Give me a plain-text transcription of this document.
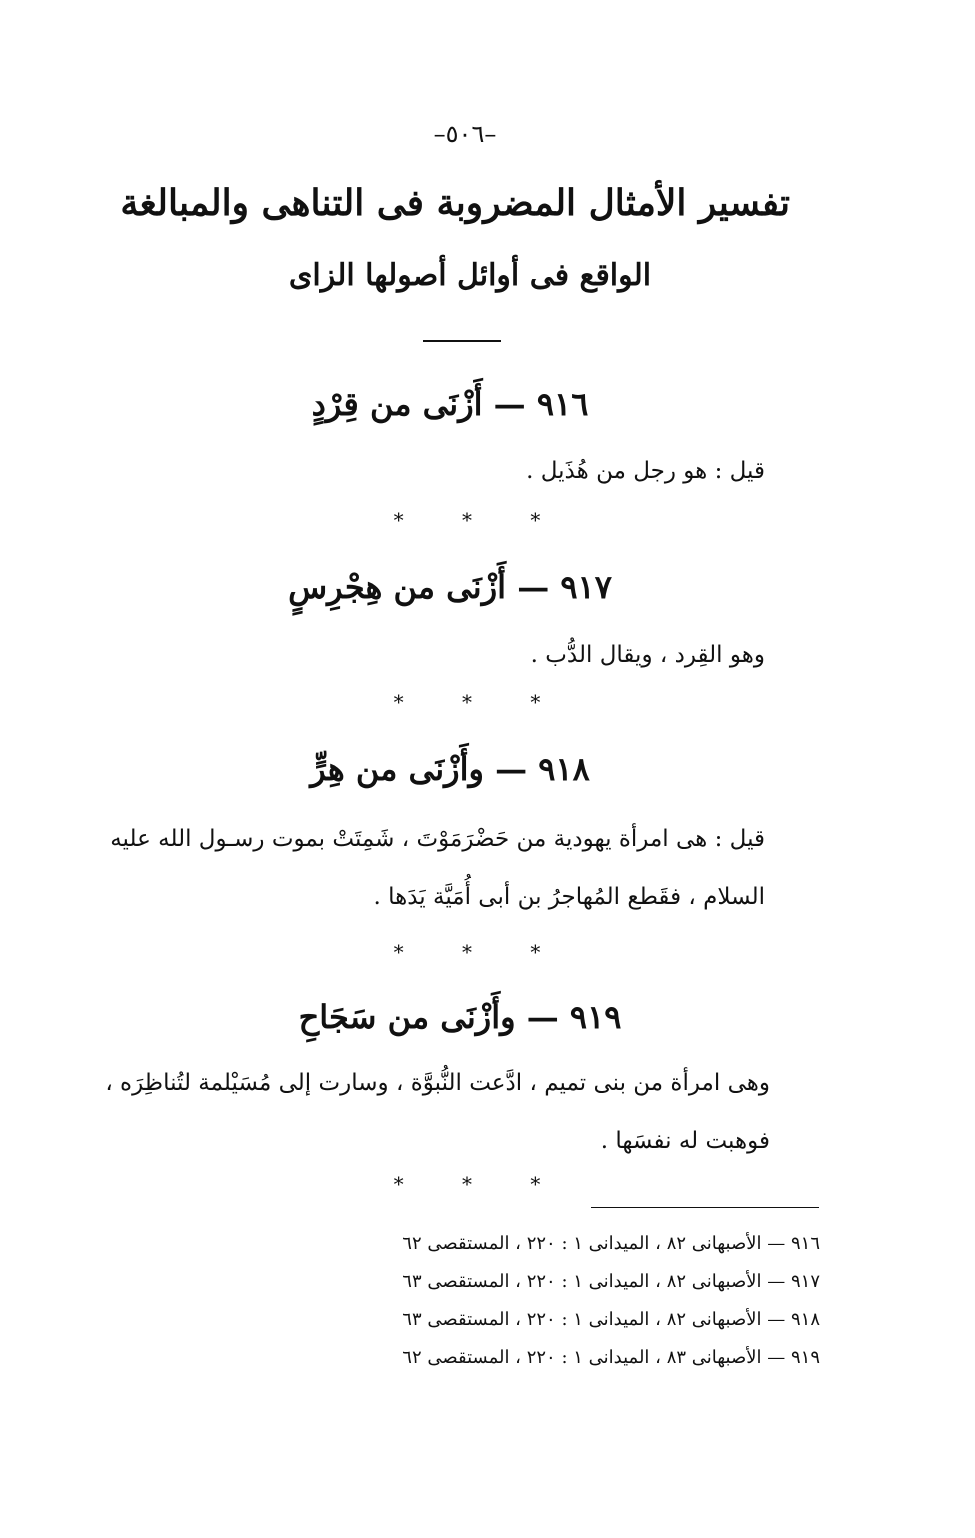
–٥٠٦–
تفسير الأمثال المضروبة فى التناهى والمبالغة
الواقع فى أوائل أصولها الزاى
٩١٦ — أَزْنَى من قِرْدٍ
قيل : هو رجل من هُذَيل .
* * *
٩١٧ — أَزْنَى من هِجْرِسٍ
وهو القِرد ، ويقال الدُّب .
* * *
٩١٨ — وأَزْنَى من هِرٍّ
قيل : هى امرأة يهودية من حَضْرَمَوْتَ ، شَمِتَتْ بموت رسـول الله عليه
السلام ، فقَطع المُهاجرُ بن أبى أُمَيَّة يَدَها .
* * *
٩١٩ — وأَزْنَى من سَجَاحِ
وهى امرأة من بنى تميم ، ادَّعت النُّبوَّة ، وسارت إلى مُسَيْلمة لتُناظِرَه ،
فوهبت له نفسَها .
* * *
٩١٦ — الأصبهانى ٨٢ ، الميدانى ١ : ٢٢٠ ، المستقصى ٦٢
٩١٧ — الأصبهانى ٨٢ ، الميدانى ١ : ٢٢٠ ، المستقصى ٦٣
٩١٨ — الأصبهانى ٨٢ ، الميدانى ١ : ٢٢٠ ، المستقصى ٦٣
٩١٩ — الأصبهانى ٨٣ ، الميدانى ١ : ٢٢٠ ، المستقصى ٦٢
